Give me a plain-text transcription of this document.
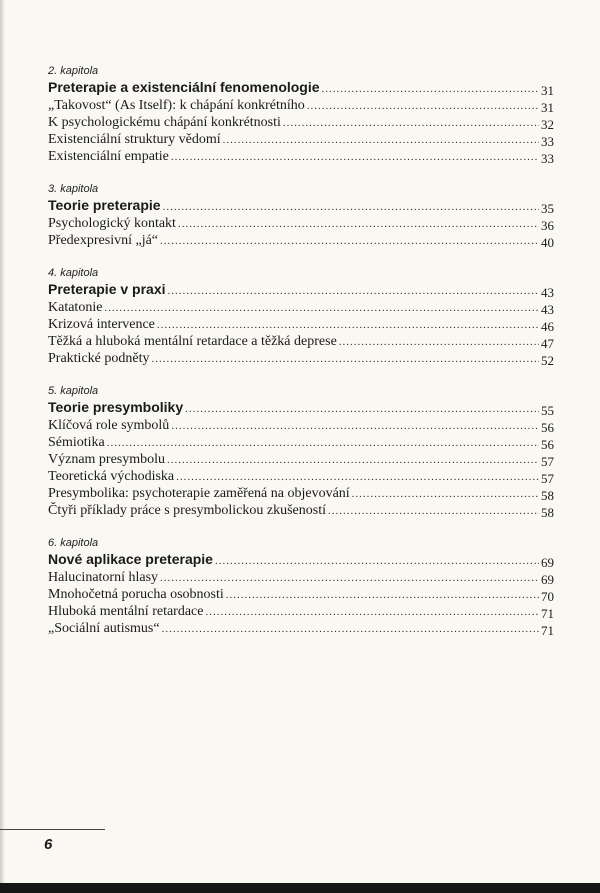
2. kapitola
Preterapie a existenciální fenomenologie .....	31
„Takovost“ (As Itself): k chápání konkrétního .....	31
K psychologickému chápání konkrétnosti .....	32
Existenciální struktury vědomí .....	33
Existenciální empatie .....	33
3. kapitola
Teorie preterapie .....	35
Psychologický kontakt .....	36
Předexpresivní „já“ .....	40
4. kapitola
Preterapie v praxi .....	43
Katatonie .....	43
Krizová intervence .....	46
Těžká a hluboká mentální retardace a těžká deprese .....	47
Praktické podněty .....	52
5. kapitola
Teorie presymboliky .....	55
Klíčová role symbolů .....	56
Sémiotika .....	56
Význam presymbolu .....	57
Teoretická východiska .....	57
Presymbolika: psychoterapie zaměřená na objevování .....	58
Čtyři příklady práce s presymbolickou zkušeností .....	58
6. kapitola
Nové aplikace preterapie .....	69
Halucinatorní hlasy .....	69
Mnohočetná porucha osobnosti .....	70
Hluboká mentální retardace .....	71
„Sociální autismus“ .....	71
6
